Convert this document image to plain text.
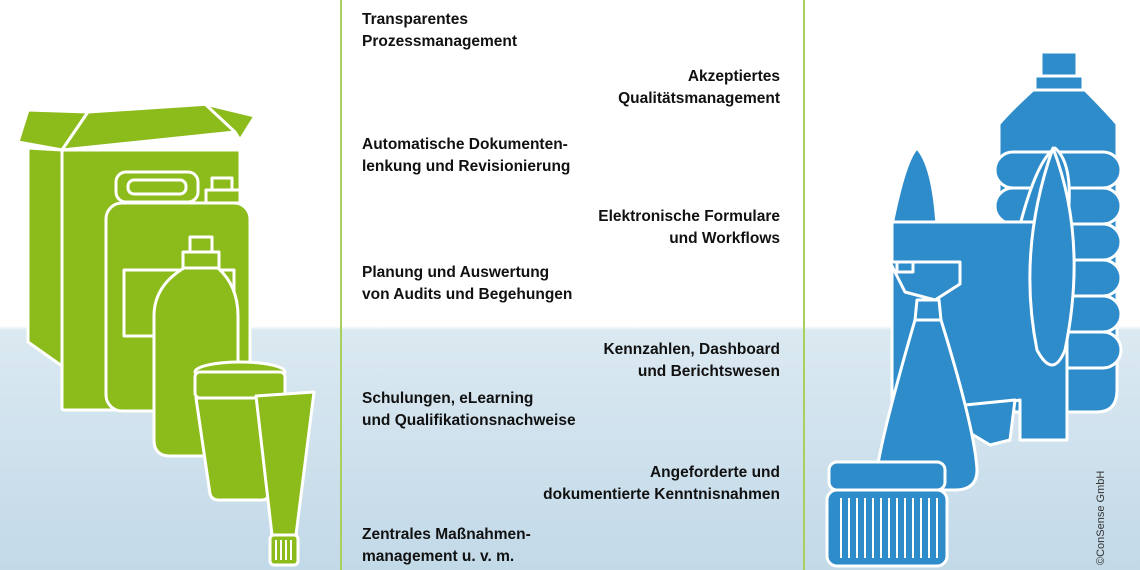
Transparentes
Prozessmanagement

Akzeptiertes
Qualitätsmanagement

Automatische Dokumenten-
lenkung und Revisionierung

Elektronische Formulare
und Workflows

Planung und Auswertung
von Audits und Begehungen

Kennzahlen, Dashboard
und Berichtswesen

Schulungen, eLearning
und Qualifikationsnachweise

Angeforderte und
dokumentierte Kenntnisnahmen

Zentrales Maßnahmen-
management u. v. m.	©ConSense GmbH
